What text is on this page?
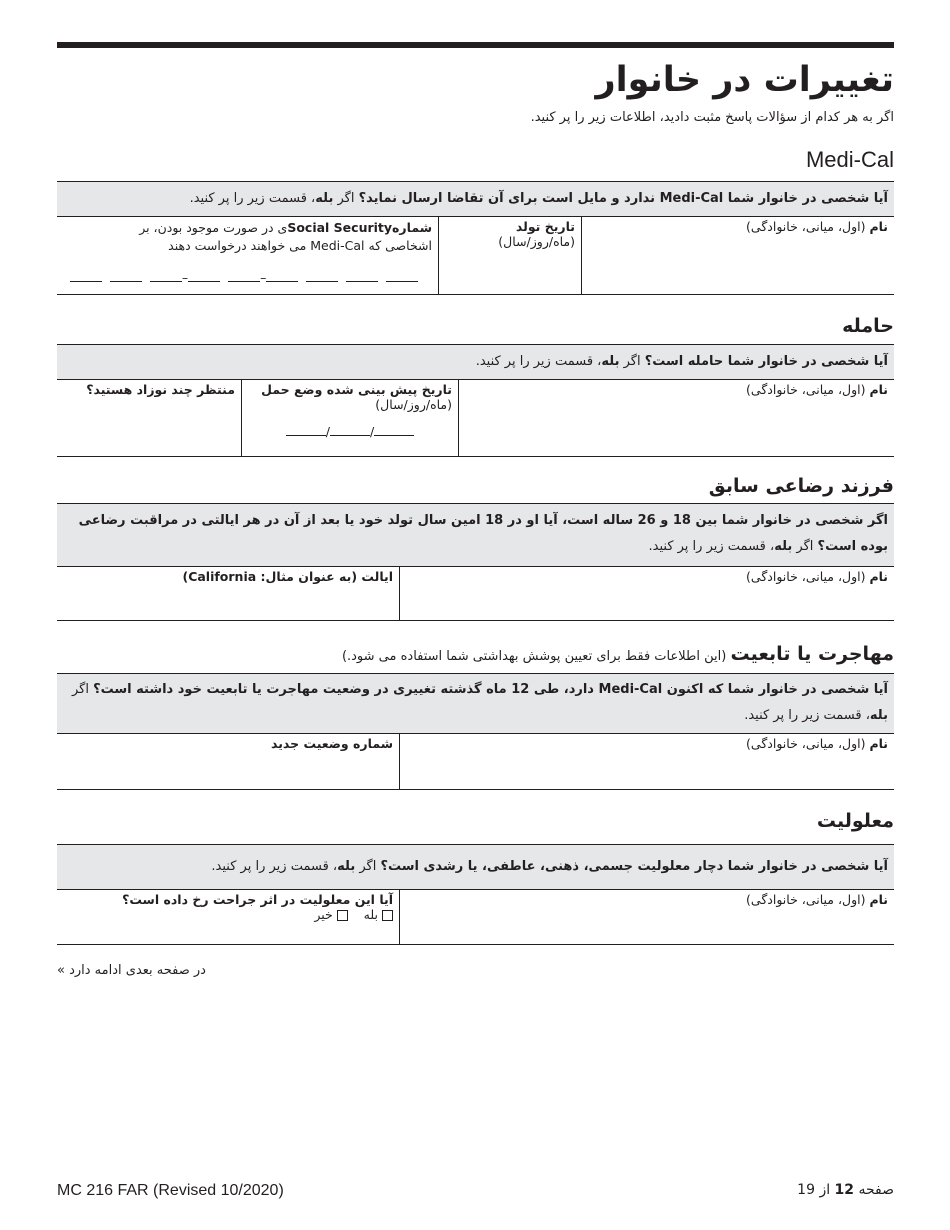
تغییرات در خانوار
اگر به هر کدام از سؤالات پاسخ مثبت دادید، اطلاعات زیر را پر کنید.
Medi-Cal
آیا شخصی در خانوار شما Medi-Cal ندارد و مایل است برای آن تقاضا ارسال نماید؟ اگر بله، قسمت زیر را پر کنید.
نام (اول، میانی، خانوادگی)
تاریخ تولد
(ماه/روز/سال)
شمارهSocial Securityی در صورت موجود بودن، بر
اشخاصی که Medi-Cal می خواهند درخواست دهند
–	–
حامله
آیا شخصی در خانوار شما حامله است؟ اگر بله، قسمت زیر را پر کنید.
نام (اول، میانی، خانوادگی)
تاریخ پیش بینی شده وضع حمل
(ماه/روز/سال)
/	/
منتظر چند نوزاد هستید؟
فرزند رضاعی سابق
اگر شخصی در خانوار شما بین 18 و 26 ساله است، آیا او در 18 امین سال تولد خود یا بعد از آن در هر ایالتی در مراقبت رضاعی بوده است؟ اگر بله، قسمت زیر را پر کنید.
نام (اول، میانی، خانوادگی)
ایالت (به عنوان مثال: California)
مهاجرت یا تابعیت (این اطلاعات فقط برای تعیین پوشش بهداشتی شما استفاده می شود.)
آیا شخصی در خانوار شما که اکنون Medi-Cal دارد، طی 12 ماه گذشته تغییری در وضعیت مهاجرت یا تابعیت خود داشته است؟ اگر بله، قسمت زیر را پر کنید.
نام (اول، میانی، خانوادگی)
شماره وضعیت جدید
معلولیت
آیا شخصی در خانوار شما دچار معلولیت جسمی، ذهنی، عاطفی، یا رشدی است؟ اگر بله، قسمت زیر را پر کنید.
نام (اول، میانی، خانوادگی)
آیا این معلولیت در اثر جراحت رخ داده است؟
بله    خیر
در صفحه بعدی ادامه دارد »
MC 216 FAR (Revised 10/2020)	صفحه 12 از 19
